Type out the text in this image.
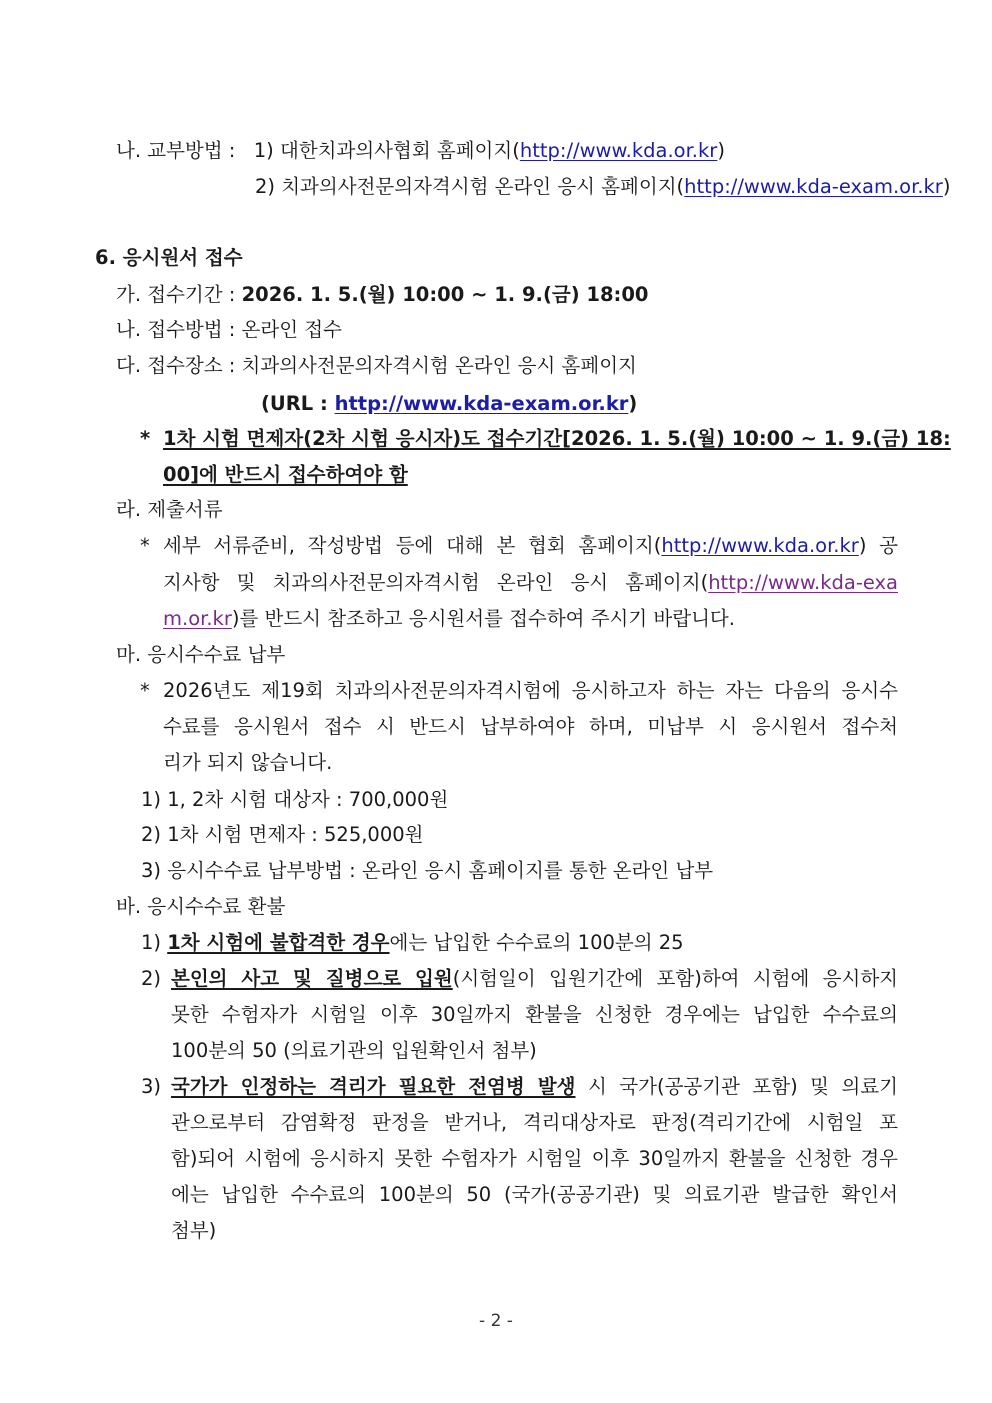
나. 교부방법 : 1) 대한치과의사협회 홈페이지(http://www.kda.or.kr)
2) 치과의사전문의자격시험 온라인 응시 홈페이지(http://www.kda-exam.or.kr)
6. 응시원서 접수
가. 접수기간 : 2026. 1. 5.(월) 10:00 ~ 1. 9.(금) 18:00
나. 접수방법 : 온라인 접수
다. 접수장소 : 치과의사전문의자격시험 온라인 응시 홈페이지
(URL : http://www.kda-exam.or.kr)
* 1차 시험 면제자(2차 시험 응시자)도 접수기간[2026. 1. 5.(월) 10:00 ~ 1. 9.(금) 18:
00]에 반드시 접수하여야 함
라. 제출서류
* 세부 서류준비, 작성방법 등에 대해 본 협회 홈페이지(http://www.kda.or.kr) 공
지사항 및 치과의사전문의자격시험 온라인 응시 홈페이지(http://www.kda-exa
m.or.kr)를 반드시 참조하고 응시원서를 접수하여 주시기 바랍니다.
마. 응시수수료 납부
* 2026년도 제19회 치과의사전문의자격시험에 응시하고자 하는 자는 다음의 응시수
수료를 응시원서 접수 시 반드시 납부하여야 하며, 미납부 시 응시원서 접수처
리가 되지 않습니다.
1) 1, 2차 시험 대상자 : 700,000원
2) 1차 시험 면제자 : 525,000원
3) 응시수수료 납부방법 : 온라인 응시 홈페이지를 통한 온라인 납부
바. 응시수수료 환불
1) 1차 시험에 불합격한 경우에는 납입한 수수료의 100분의 25
2) 본인의 사고 및 질병으로 입원(시험일이 입원기간에 포함)하여 시험에 응시하지
못한 수험자가 시험일 이후 30일까지 환불을 신청한 경우에는 납입한 수수료의
100분의 50 (의료기관의 입원확인서 첨부)
3) 국가가 인정하는 격리가 필요한 전염병 발생 시 국가(공공기관 포함) 및 의료기
관으로부터 감염확정 판정을 받거나, 격리대상자로 판정(격리기간에 시험일 포
함)되어 시험에 응시하지 못한 수험자가 시험일 이후 30일까지 환불을 신청한 경우
에는 납입한 수수료의 100분의 50 (국가(공공기관) 및 의료기관 발급한 확인서
첨부)
- 2 -
